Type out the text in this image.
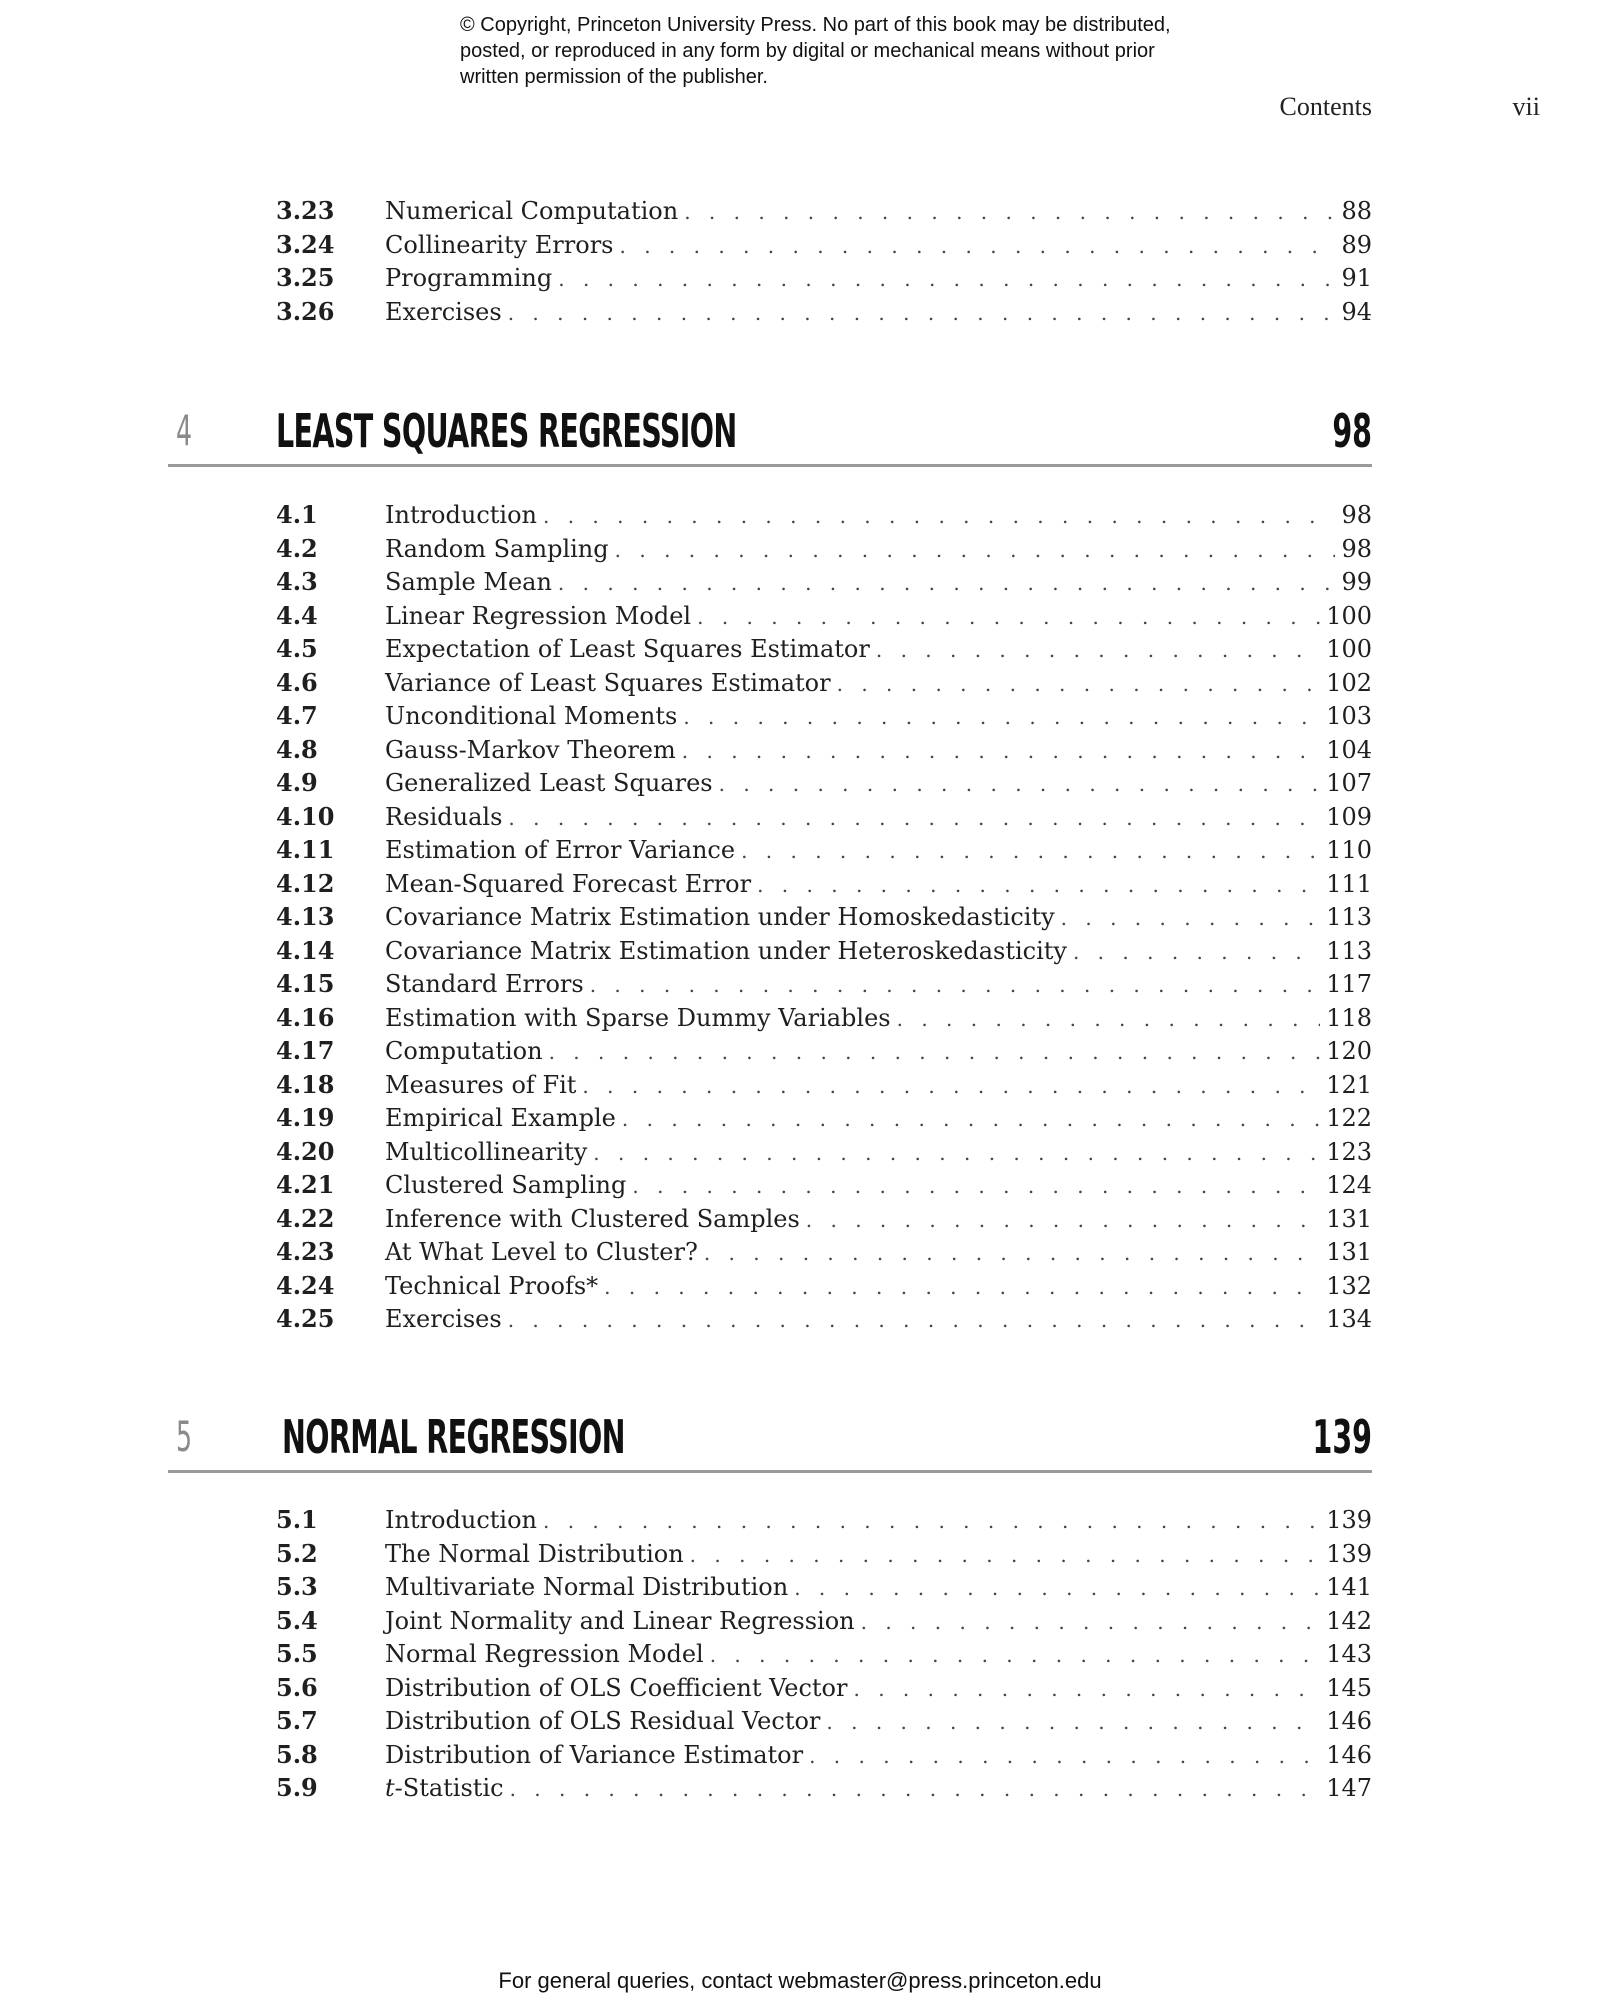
© Copyright, Princeton University Press. No part of this book may be distributed, posted, or reproduced in any form by digital or mechanical means without prior written permission of the publisher.
Contents	vii
3.23	Numerical Computation . . .	88
3.24	Collinearity Errors . . .	89
3.25	Programming . . .	91
3.26	Exercises . . .	94
4 LEAST SQUARES REGRESSION	98
4.1	Introduction . . .	98
4.2	Random Sampling . . .	98
4.3	Sample Mean . . .	99
4.4	Linear Regression Model . . .	100
4.5	Expectation of Least Squares Estimator . . .	100
4.6	Variance of Least Squares Estimator . . .	102
4.7	Unconditional Moments . . .	103
4.8	Gauss-Markov Theorem . . .	104
4.9	Generalized Least Squares . . .	107
4.10	Residuals . . .	109
4.11	Estimation of Error Variance . . .	110
4.12	Mean-Squared Forecast Error . . .	111
4.13	Covariance Matrix Estimation under Homoskedasticity . . .	113
4.14	Covariance Matrix Estimation under Heteroskedasticity . . .	113
4.15	Standard Errors . . .	117
4.16	Estimation with Sparse Dummy Variables . . .	118
4.17	Computation . . .	120
4.18	Measures of Fit . . .	121
4.19	Empirical Example . . .	122
4.20	Multicollinearity . . .	123
4.21	Clustered Sampling . . .	124
4.22	Inference with Clustered Samples . . .	131
4.23	At What Level to Cluster? . . .	131
4.24	Technical Proofs* . . .	132
4.25	Exercises . . .	134
5 NORMAL REGRESSION	139
5.1	Introduction . . .	139
5.2	The Normal Distribution . . .	139
5.3	Multivariate Normal Distribution . . .	141
5.4	Joint Normality and Linear Regression . . .	142
5.5	Normal Regression Model . . .	143
5.6	Distribution of OLS Coefficient Vector . . .	145
5.7	Distribution of OLS Residual Vector . . .	146
5.8	Distribution of Variance Estimator . . .	146
5.9	t-Statistic . . .	147
For general queries, contact webmaster@press.princeton.edu
